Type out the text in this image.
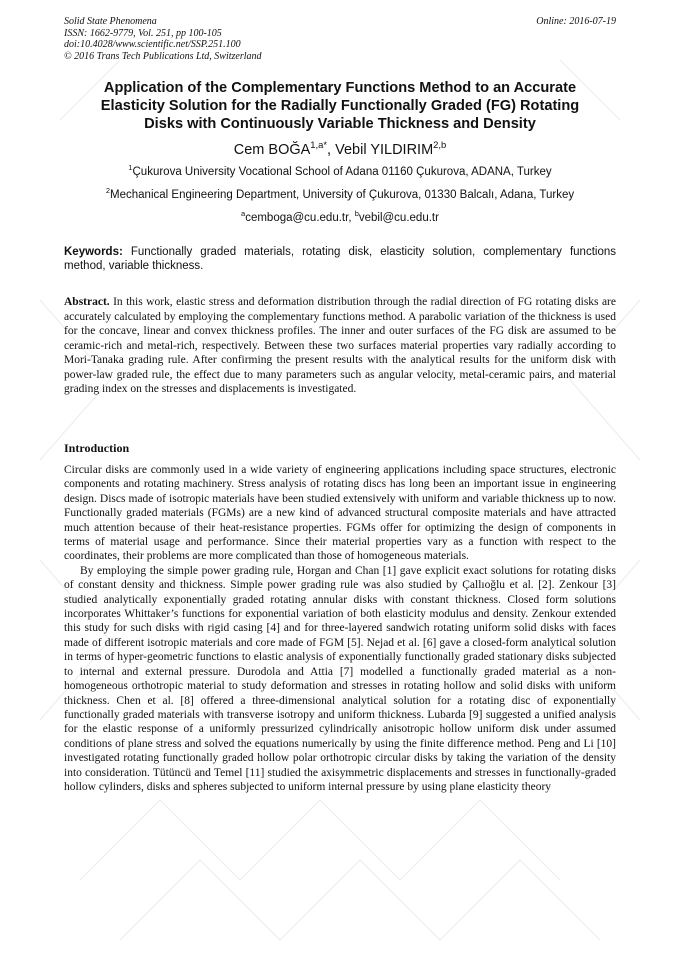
Solid State Phenomena
ISSN: 1662-9779, Vol. 251, pp 100-105
doi:10.4028/www.scientific.net/SSP.251.100
© 2016 Trans Tech Publications Ltd, Switzerland
Online: 2016-07-19
Application of the Complementary Functions Method to an Accurate
Elasticity Solution for the Radially Functionally Graded (FG) Rotating
Disks with Continuously Variable Thickness and Density
Cem $BOĞA^{1,a*}$, Vebil YILDIRIM$^{2,b}$
$^1$Çukurova University Vocational School of Adana 01160 Çukurova, ADANA, Turkey
$^2$Mechanical Engineering Department, University of Çukurova, 01330 Balcalı, Adana, Turkey
$^a$cemboga@cu.edu.tr, $^b$vebil@cu.edu.tr
Keywords: Functionally graded materials, rotating disk, elasticity solution, complementary functions method, variable thickness.
Abstract. In this work, elastic stress and deformation distribution through the radial direction of FG rotating disks are accurately calculated by employing the complementary functions method. A parabolic variation of the thickness is used for the concave, linear and convex thickness profiles. The inner and outer surfaces of the FG disk are assumed to be ceramic-rich and metal-rich, respectively. Between these two surfaces material properties vary radially according to Mori-Tanaka grading rule. After confirming the present results with the analytical results for the uniform disk with power-law graded rule, the effect due to many parameters such as angular velocity, metal-ceramic pairs, and material grading index on the stresses and displacements is investigated.
Introduction

Circular disks are commonly used in a wide variety of engineering applications including space structures, electronic components and rotating machinery. Stress analysis of rotating discs has long been an important issue in engineering design. Discs made of isotropic materials have been studied extensively with uniform and variable thickness up to now. Functionally graded materials (FGMs) are a new kind of advanced structural composite materials and have attracted much attention because of their heat-resistance properties. FGMs offer for optimizing the design of components in terms of material usage and performance. Since their material properties vary as a function with respect to the coordinates, their problems are more complicated than those of homogeneous materials.

By employing the simple power grading rule, Horgan and Chan [1] gave explicit exact solutions for rotating disks of constant density and thickness. Simple power grading rule was also studied by Çallıoğlu et al. [2]. Zenkour [3] studied analytically exponentially graded rotating annular disks with constant thickness. Closed form solutions incorporates Whittaker’s functions for exponential variation of both elasticity modulus and density. Zenkour extended this study for such disks with rigid casing [4] and for three-layered sandwich rotating uniform solid disks with faces made of different isotropic materials and core made of FGM [5]. Nejad et al. [6] gave a closed-form analytical solution in terms of hyper-geometric functions to elastic analysis of exponentially functionally graded stationary disks subjected to internal and external pressure. Durodola and Attia [7] modelled a functionally graded material as a non-homogeneous orthotropic material to study deformation and stresses in rotating hollow and solid disks with uniform thickness. Chen et al. [8] offered a three-dimensional analytical solution for a rotating disc of exponentially functionally graded materials with transverse isotropy and uniform thickness. Lubarda [9] suggested a unified analysis for the elastic response of a uniformly pressurized cylindrically anisotropic hollow uniform disk under assumed conditions of plane stress and solved the equations numerically by using the finite difference method. Peng and Li [10] investigated rotating functionally graded hollow polar orthotropic circular disks by taking the variation of the density into consideration. Tütüncü and Temel [11] studied the axisymmetric displacements and stresses in functionally-graded hollow cylinders, disks and spheres subjected to uniform internal pressure by using plane elasticity theory
